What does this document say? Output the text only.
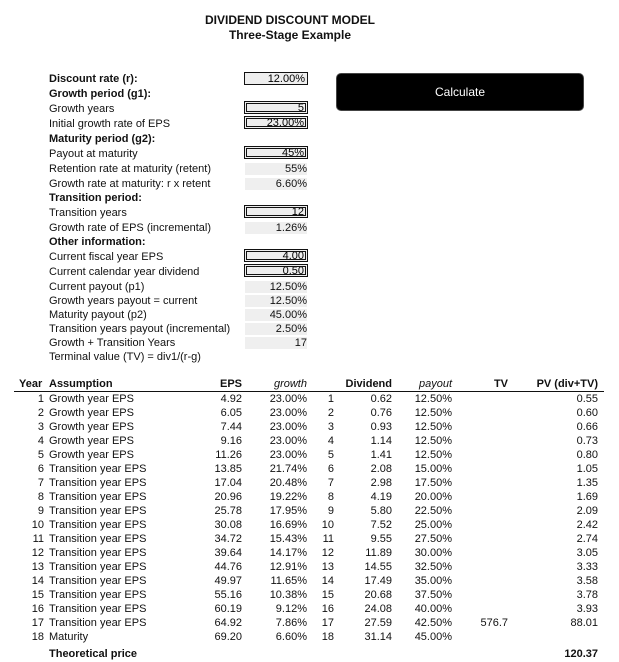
DIVIDEND DISCOUNT MODEL
Three-Stage Example
Calculate
Discount rate (r):
12.00%
Growth period (g1):
Growth years
5
Initial growth rate of EPS
23.00%
Maturity period (g2):
Payout at maturity
45%
Retention rate at maturity (retent)	55%
Growth rate at maturity: r x retent	6.60%
Transition period:
Transition years
12
Growth rate of EPS (incremental)	1.26%
Other information:
Current fiscal year EPS
4.00
Current calendar year dividend
0.50
Current payout (p1)	12.50%
Growth years payout = current	12.50%
Maturity payout (p2)	45.00%
Transition years payout (incremental)	2.50%
Growth + Transition Years	17
Terminal value (TV) = div1/(r-g)
Year Assumption	EPS	growth	Dividend	payout	TV	PV (div+TV)
1 Growth year EPS	4.92	23.00%	1	0.62	12.50%	0.55
2 Growth year EPS	6.05	23.00%	2	0.76	12.50%	0.60
3 Growth year EPS	7.44	23.00%	3	0.93	12.50%	0.66
4 Growth year EPS	9.16	23.00%	4	1.14	12.50%	0.73
5 Growth year EPS	11.26	23.00%	5	1.41	12.50%	0.80
6 Transition year EPS	13.85	21.74%	6	2.08	15.00%	1.05
7 Transition year EPS	17.04	20.48%	7	2.98	17.50%	1.35
8 Transition year EPS	20.96	19.22%	8	4.19	20.00%	1.69
9 Transition year EPS	25.78	17.95%	9	5.80	22.50%	2.09
10 Transition year EPS	30.08	16.69% 10	7.52	25.00%	2.42
11 Transition year EPS	34.72	15.43% 11	9.55	27.50%	2.74
12 Transition year EPS	39.64	14.17% 12	11.89	30.00%	3.05
13 Transition year EPS	44.76	12.91% 13	14.55	32.50%	3.33
14 Transition year EPS	49.97	11.65% 14	17.49	35.00%	3.58
15 Transition year EPS	55.16	10.38% 15	20.68	37.50%	3.78
16 Transition year EPS	60.19	9.12% 16	24.08	40.00%	3.93
17 Transition year EPS	64.92	7.86% 17	27.59	42.50%	576.7	88.01
18 Maturity	69.20	6.60% 18	31.14	45.00%
Theoretical price	120.37
